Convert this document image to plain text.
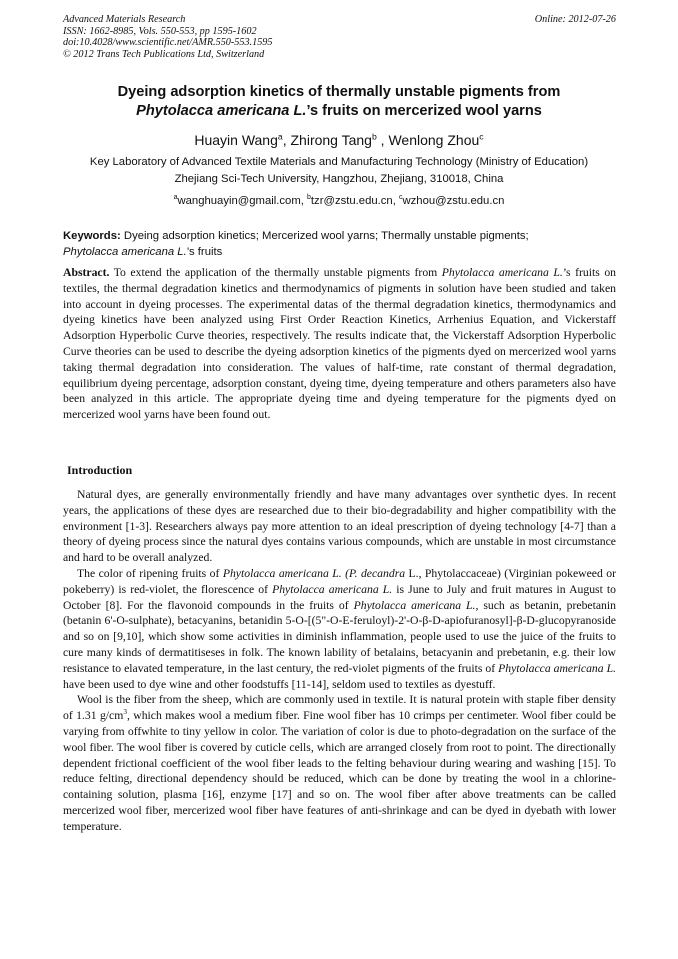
Advanced Materials Research
ISSN: 1662-8985, Vols. 550-553, pp 1595-1602
doi:10.4028/www.scientific.net/AMR.550-553.1595
© 2012 Trans Tech Publications Ltd, Switzerland
Online: 2012-07-26
Dyeing adsorption kinetics of thermally unstable pigments from
Phytolacca americana L.’s fruits on mercerized wool yarns
Huayin Wang$^a$, Zhirong Tang$^b$ , Wenlong Zhou$^c$
Key Laboratory of Advanced Textile Materials and Manufacturing Technology (Ministry of Education)
Zhejiang Sci-Tech University, Hangzhou, Zhejiang, 310018, China
$^a$wanghuayin@gmail.com, $^b$tzr@zstu.edu.cn, $^c$wzhou@zstu.edu.cn
Keywords: Dyeing adsorption kinetics; Mercerized wool yarns; Thermally unstable pigments;
Phytolacca americana L.’s fruits
Abstract. To extend the application of the thermally unstable pigments from Phytolacca americana L.’s fruits on textiles, the thermal degradation kinetics and thermodynamics of pigments in solution have been studied and taken into account in dyeing processes. The experimental datas of the thermal degradation kinetics, thermodynamics and dyeing kinetics have been analyzed using First Order Reaction Kinetics, Arrhenius Equation, and Vickerstaff Adsorption Hyperbolic Curve theories, respectively. The results indicate that, the Vickerstaff Adsorption Hyperbolic Curve theories can be used to describe the dyeing adsorption kinetics of the pigments dyed on mercerized wool yarns taking thermal degradation into consideration. The values of half-time, rate constant of thermal degradation, equilibrium dyeing percentage, adsorption constant, dyeing time, dyeing temperature and others parameters also have been analyzed in this article. The appropriate dyeing time and dyeing temperature for the pigments dyed on mercerized wool yarns have been found out.
Introduction

Natural dyes, are generally environmentally friendly and have many advantages over synthetic dyes. In recent years, the applications of these dyes are researched due to their bio-degradability and higher compatibility with the environment [1-3]. Researchers always pay more attention to an ideal prescription of dyeing technology [4-7] than a theory of dyeing process since the natural dyes contains various compounds, which are unstable in most circumstance and hard to be overall analyzed.

The color of ripening fruits of Phytolacca americana L. (P. decandra L., Phytolaccaceae) (Virginian pokeweed or pokeberry) is red-violet, the florescence of Phytolacca americana L. is June to July and fruit matures in August to October [8]. For the flavonoid compounds in the fruits of Phytolacca americana L., such as betanin, prebetanin (betanin 6'-O-sulphate), betacyanins, betanidin 5-O-[(5"-O-E-feruloyl)-2'-O-β-D-apiofuranosyl]-β-D-glucopyranoside and so on [9,10], which show some activities in diminish inflammation, people used to use the juice of the fruits to cure many kinds of dermatitiseses in folk. The known lability of betalains, betacyanin and prebetanin, e.g. their low resistance to elavated temperature, in the last century, the red-violet pigments of the fruits of Phytolacca americana L. have been used to dye wine and other foodstuffs [11-14], seldom used to textiles as dyestuff.

Wool is the fiber from the sheep, which are commonly used in textile. It is natural protein with staple fiber density of 1.31 $g/cm^3$, which makes wool a medium fiber. Fine wool fiber has 10 crimps per centimeter. Wool fiber could be varying from offwhite to tiny yellow in color. The variation of color is due to photo-degradation on the surface of the wool fiber. The wool fiber is covered by cuticle cells, which are arranged closely from root to point. The directionally dependent frictional coefficient of the wool fiber leads to the felting behaviour during wearing and washing [15]. To reduce felting, directional dependency should be reduced, which can be done by treating the wool in a chlorine-containing solution, plasma [16], enzyme [17] and so on. The wool fiber after above treatments can be called mercerized wool fiber, mercerized wool fiber have features of anti-shrinkage and can be dyed in dyebath with lower temperature.
